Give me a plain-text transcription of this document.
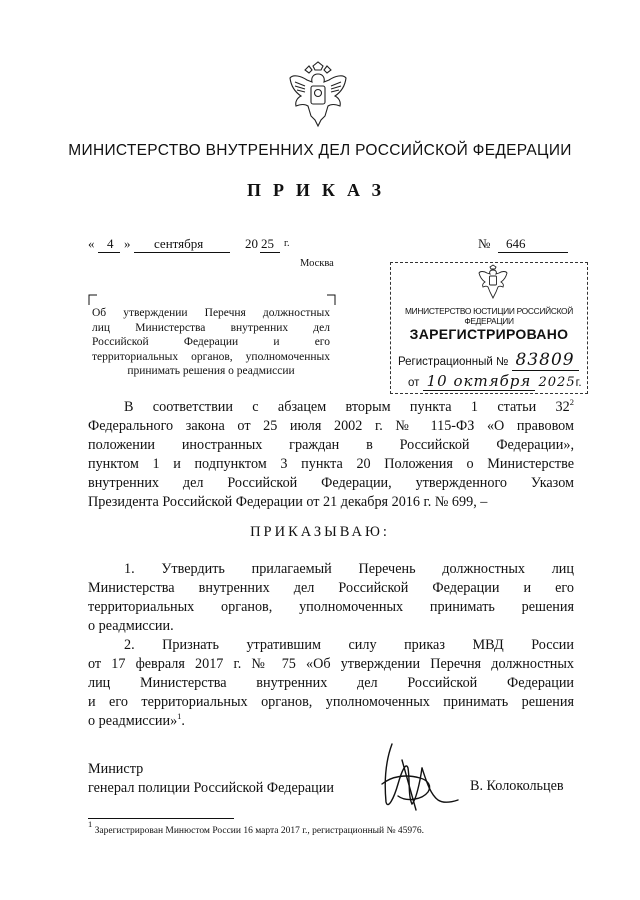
МИНИСТЕРСТВО ВНУТРЕННИХ ДЕЛ РОССИЙСКОЙ ФЕДЕРАЦИИ
ПРИКАЗ
« 4 » сентября	20 25 г.	№ 646
Москва
Об утверждении Перечня должностных
лиц Министерства внутренних дел
Российской Федерации и его
территориальных органов, уполномоченных
принимать решения о реадмиссии
МИНИСТЕРСТВО ЮСТИЦИИ РОССИЙСКОЙ ФЕДЕРАЦИИ
ЗАРЕГИСТРИРОВАНО
Регистрационный № 83809
от 10 октября 2025г.
В соответствии с абзацем вторым пункта 1 статьи $32^2$
Федерального закона от 25 июля 2002 г. № 115-ФЗ «О правовом
положении иностранных граждан в Российской Федерации»,
пунктом 1 и подпунктом 3 пункта 20 Положения о Министерстве
внутренних дел Российской Федерации, утвержденного Указом
Президента Российской Федерации от 21 декабря 2016 г. № 699, –
ПРИКАЗЫВАЮ:
1. Утвердить прилагаемый Перечень должностных лиц
Министерства внутренних дел Российской Федерации и его
территориальных органов, уполномоченных принимать решения
о реадмиссии.
2. Признать утратившим силу приказ МВД России
от 17 февраля 2017 г. № 75 «Об утверждении Перечня должностных
лиц Министерства внутренних дел Российской Федерации
и его территориальных органов, уполномоченных принимать решения
о реадмиссии»$^1$.
Министр
генерал полиции Российской Федерации	В. Колокольцев
$^1$ Зарегистрирован Минюстом России 16 марта 2017 г., регистрационный № 45976.
